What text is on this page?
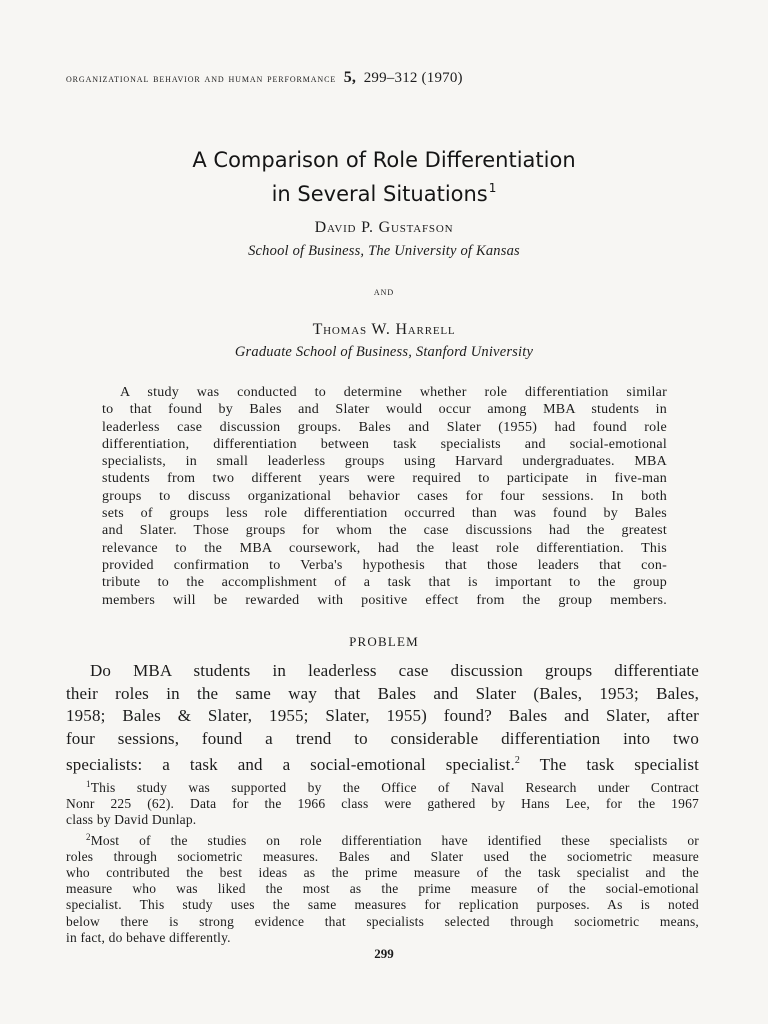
organizational behavior and human performance 5, 299–312 (1970)
A Comparison of Role Differentiation
in Several Situations$^1$
David P. Gustafson
School of Business, The University of Kansas
and
Thomas W. Harrell
Graduate School of Business, Stanford University
A study was conducted to determine whether role differentiation similar
to that found by Bales and Slater would occur among MBA students in
leaderless case discussion groups. Bales and Slater (1955) had found role
differentiation, differentiation between task specialists and social-emotional
specialists, in small leaderless groups using Harvard undergraduates. MBA
students from two different years were required to participate in five-man
groups to discuss organizational behavior cases for four sessions. In both
sets of groups less role differentiation occurred than was found by Bales
and Slater. Those groups for whom the case discussions had the greatest
relevance to the MBA coursework, had the least role differentiation. This
provided confirmation to Verba's hypothesis that those leaders that con-
tribute to the accomplishment of a task that is important to the group
members will be rewarded with positive effect from the group members.
PROBLEM
Do MBA students in leaderless case discussion groups differentiate
their roles in the same way that Bales and Slater (Bales, 1953; Bales,
1958; Bales & Slater, 1955; Slater, 1955) found? Bales and Slater, after
four sessions, found a trend to considerable differentiation into two
specialists: a task and a social-emotional specialist.$^2$ The task specialist
$^1$This study was supported by the Office of Naval Research under Contract
Nonr 225 (62). Data for the 1966 class were gathered by Hans Lee, for the 1967
class by David Dunlap.
$^2$Most of the studies on role differentiation have identified these specialists or
roles through sociometric measures. Bales and Slater used the sociometric measure
who contributed the best ideas as the prime measure of the task specialist and the
measure who was liked the most as the prime measure of the social-emotional
specialist. This study uses the same measures for replication purposes. As is noted
below there is strong evidence that specialists selected through sociometric means,
in fact, do behave differently.
299
